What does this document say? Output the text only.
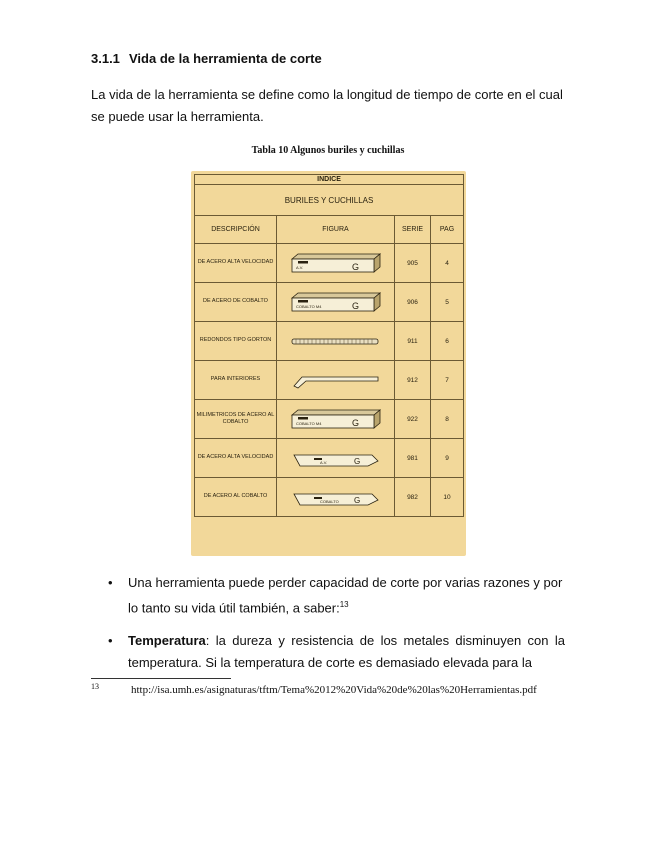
3.1.1 Vida de la herramienta de corte
La vida de la herramienta se define como la longitud de tiempo de corte en el cual se puede usar la herramienta.
Tabla 10 Algunos buriles y cuchillas
INDICE			
BURILES Y CUCHILLAS			
DESCRIPCIÓN	FIGURA	SERIE	PAG
DE ACERO ALTA VELOCIDAD	A.V. G	905	4
DE ACERO DE COBALTO	COBALTO M4 G	906	5
REDONDOS TIPO GORTON		911	6
PARA INTERIORES		912	7
MILIMETRICOS DE ACERO AL COBALTO	COBALTO M4 G	922	8
DE ACERO ALTA VELOCIDAD	A.V. G	981	9
DE ACERO AL COBALTO	COBALTO G	982	10
• Una herramienta puede perder capacidad de corte por varias razones y por lo tanto su vida útil también, a saber:$^{13}$
• Temperatura: la dureza y resistencia de los metales disminuyen con la temperatura. Si la temperatura de corte es demasiado elevada para la
13	http://isa.umh.es/asignaturas/tftm/Tema%2012%20Vida%20de%20las%20Herramientas.pdf
